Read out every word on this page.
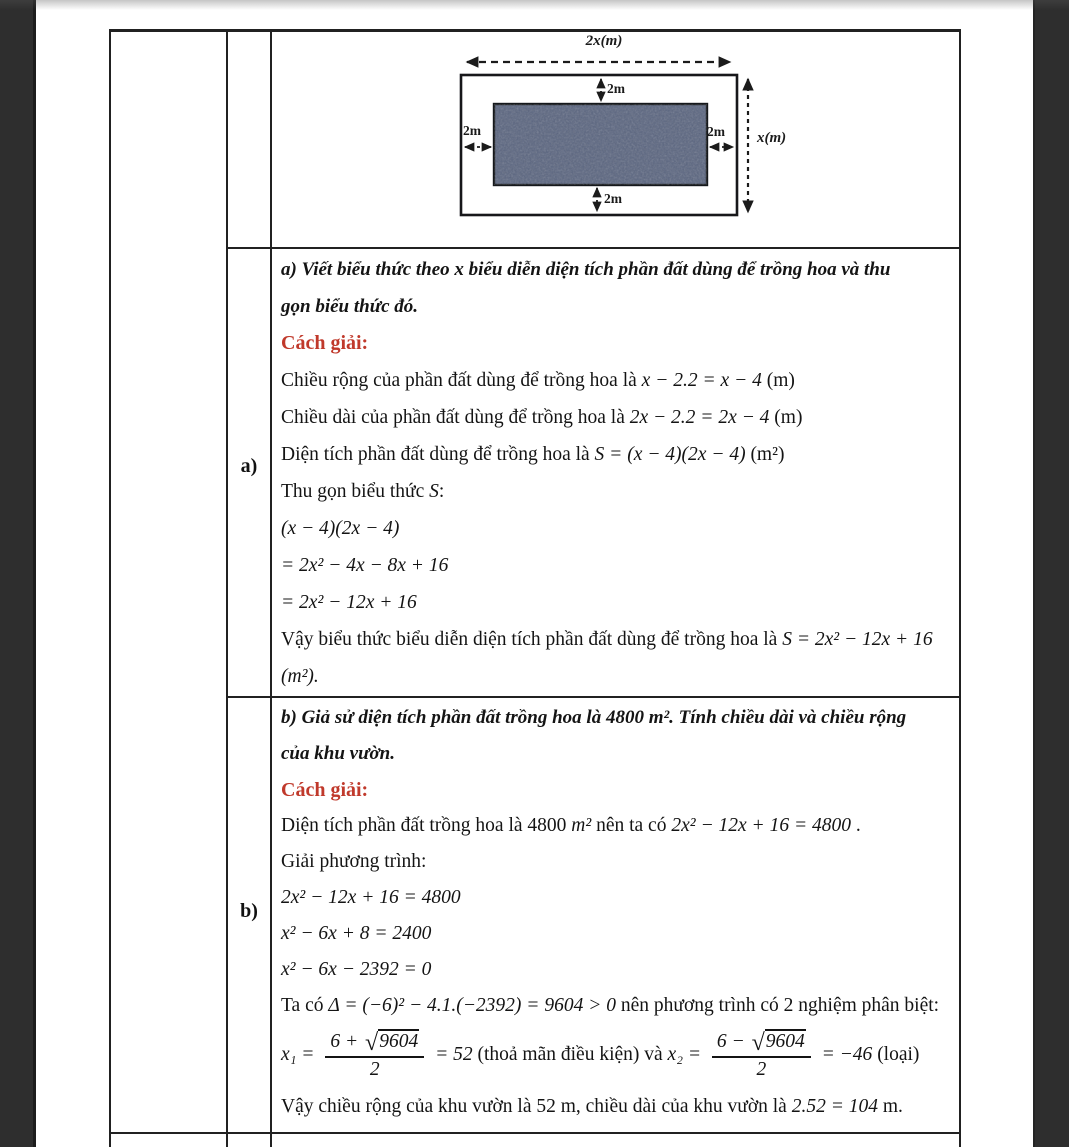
2x(m)
x(m)
2m
2m	2m
2m
a)
a) Viết biểu thức theo x biểu diễn diện tích phần đất dùng để trồng hoa và thu
gọn biểu thức đó.
Cách giải:
Chiều rộng của phần đất dùng để trồng hoa là x − 2.2 = x − 4 (m)
Chiều dài của phần đất dùng để trồng hoa là 2x − 2.2 = 2x − 4 (m)
Diện tích phần đất dùng để trồng hoa là S = (x − 4)(2x − 4) (m²)
Thu gọn biểu thức S :
(x − 4)(2x − 4)
= 2x² − 4x − 8x + 16
= 2x² − 12x + 16
Vậy biểu thức biểu diễn diện tích phần đất dùng để trồng hoa là S = 2x² − 12x + 16
(m²).
b)
b) Giả sử diện tích phần đất trồng hoa là 4800 m². Tính chiều dài và chiều rộng
của khu vườn.
Cách giải:
Diện tích phần đất trồng hoa là 4800 m² nên ta có 2x² − 12x + 16 = 4800 .
Giải phương trình:
2x² − 12x + 16 = 4800
x² − 6x + 8 = 2400
x² − 6x − 2392 = 0
Ta có Δ = (−6)² − 4.1.(−2392) = 9604 > 0 nên phương trình có 2 nghiệm phân biệt:
$x_1 = \frac{6 + √ 9604}{2} = 52$ (thoả mãn điều kiện) và $x_2 = \frac{6 - √ 9604}{2} = -46$ (loại)
Vậy chiều rộng của khu vườn là 52 m, chiều dài của khu vườn là 2.52 = 104 m.
